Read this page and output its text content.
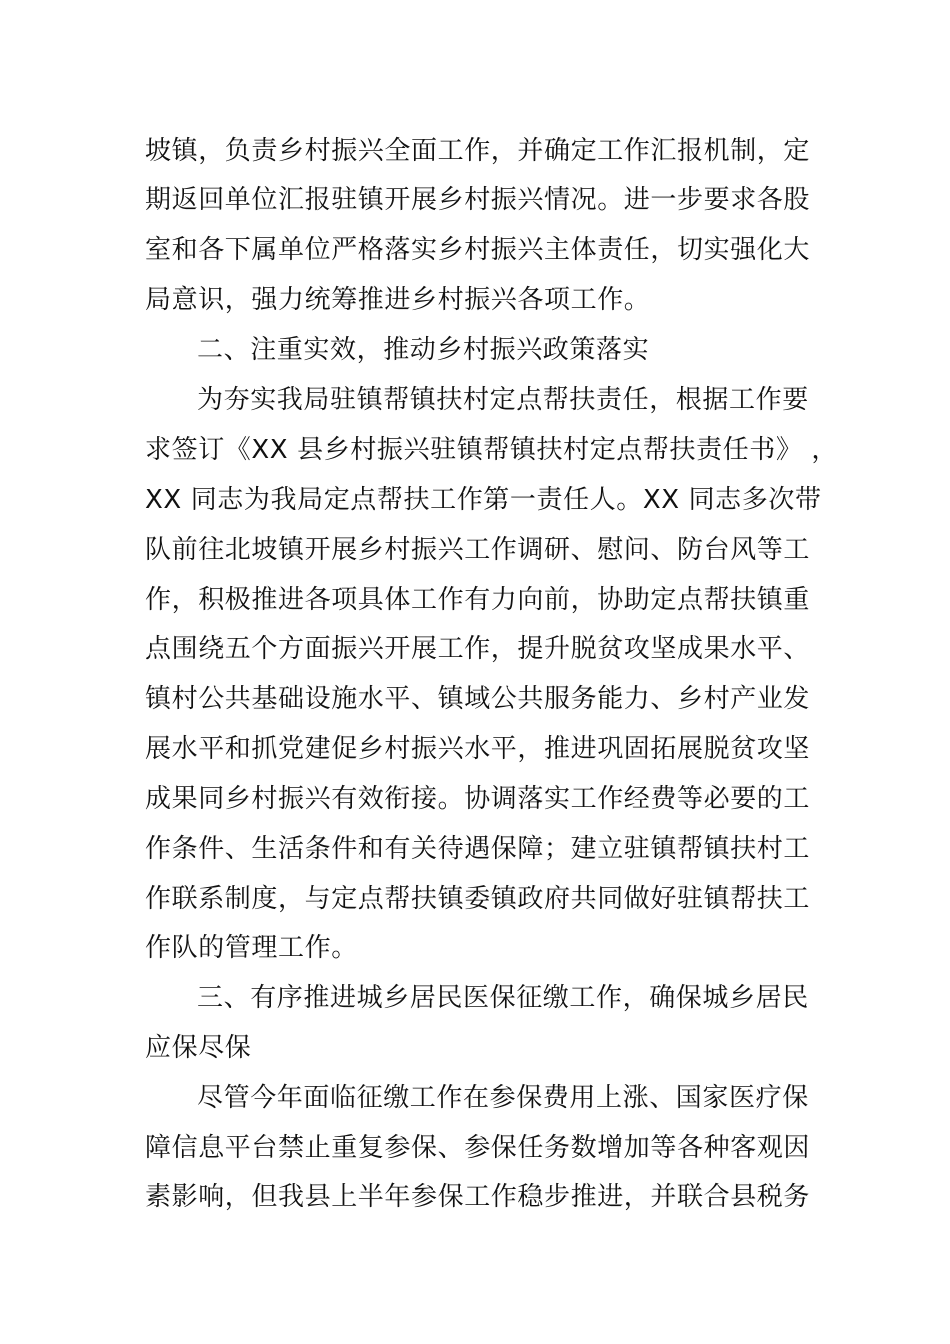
坡镇，负责乡村振兴全面工作，并确定工作汇报机制，定
期返回单位汇报驻镇开展乡村振兴情况。进一步要求各股
室和各下属单位严格落实乡村振兴主体责任，切实强化大
局意识，强力统筹推进乡村振兴各项工作。
二、注重实效，推动乡村振兴政策落实
为夯实我局驻镇帮镇扶村定点帮扶责任，根据工作要
求签订《XX 县乡村振兴驻镇帮镇扶村定点帮扶责任书》 ，
XX 同志为我局定点帮扶工作第一责任人。XX 同志多次带
队前往北坡镇开展乡村振兴工作调研、慰问、防台风等工
作，积极推进各项具体工作有力向前，协助定点帮扶镇重
点围绕五个方面振兴开展工作，提升脱贫攻坚成果水平、
镇村公共基础设施水平、镇域公共服务能力、乡村产业发
展水平和抓党建促乡村振兴水平，推进巩固拓展脱贫攻坚
成果同乡村振兴有效衔接。协调落实工作经费等必要的工
作条件、生活条件和有关待遇保障；建立驻镇帮镇扶村工
作联系制度，与定点帮扶镇委镇政府共同做好驻镇帮扶工
作队的管理工作。
三、有序推进城乡居民医保征缴工作，确保城乡居民
应保尽保
尽管今年面临征缴工作在参保费用上涨、国家医疗保
障信息平台禁止重复参保、参保任务数增加等各种客观因
素影响，但我县上半年参保工作稳步推进，并联合县税务
